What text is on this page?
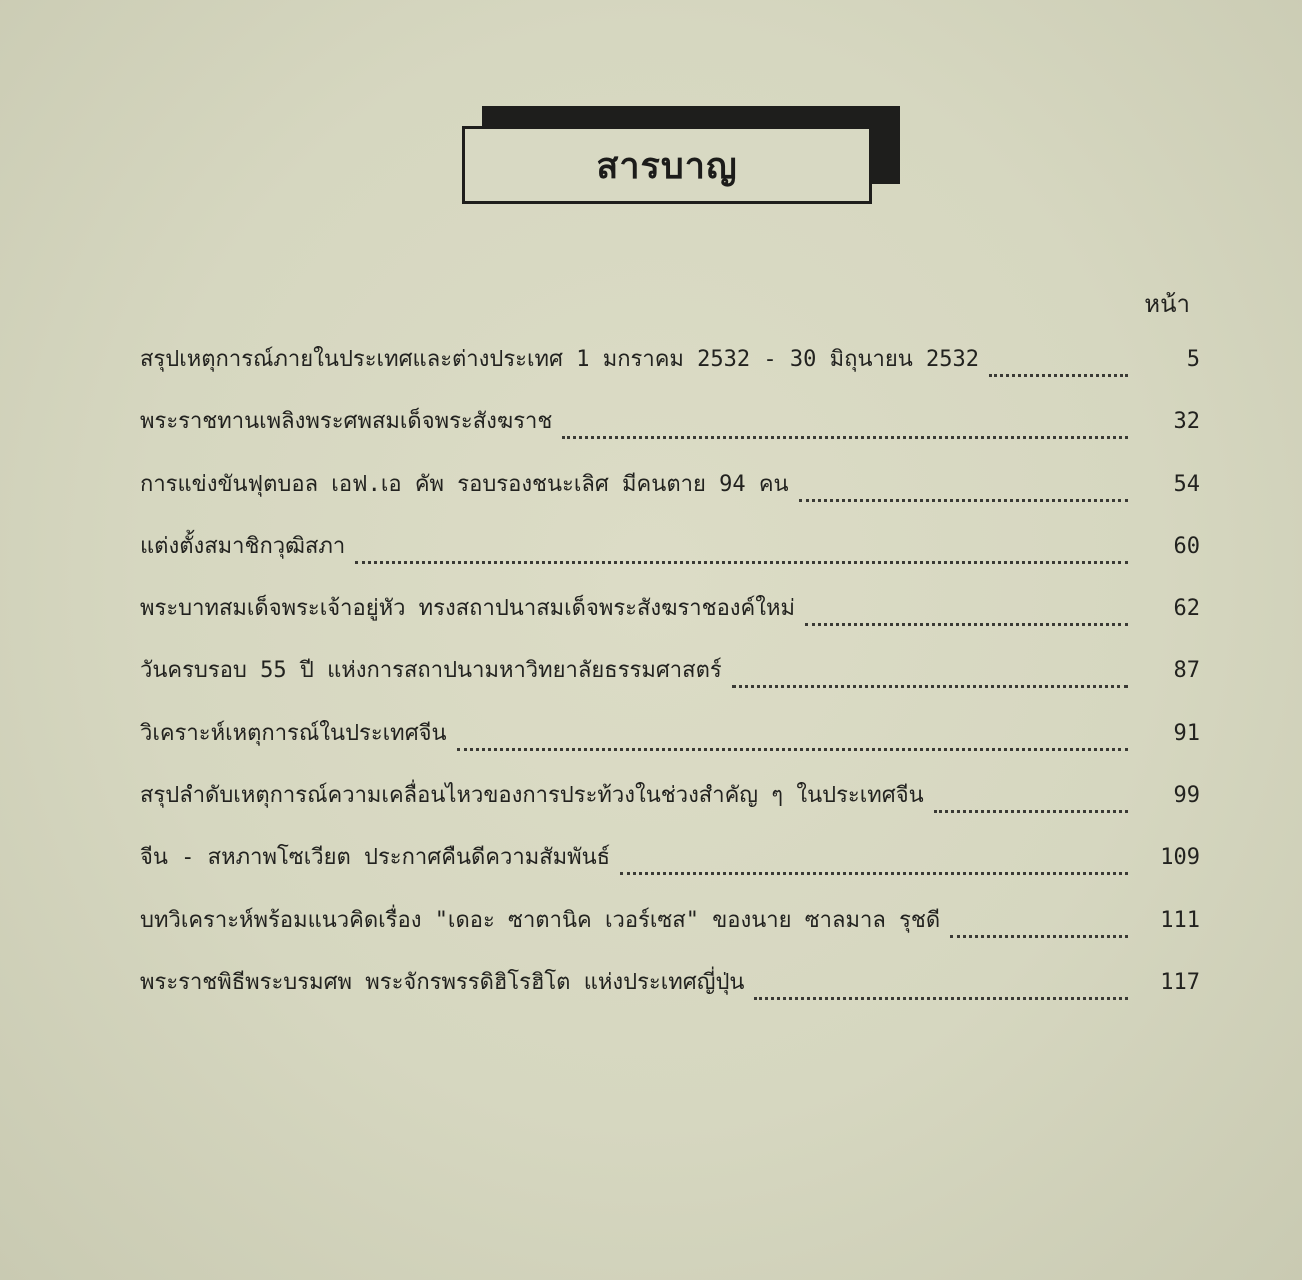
สารบาญ
หน้า
สรุปเหตุการณ์ภายในประเทศและต่างประเทศ 1 มกราคม 2532 - 30 มิถุนายน 2532	5
พระราชทานเพลิงพระศพสมเด็จพระสังฆราช	32
การแข่งขันฟุตบอล เอฟ.เอ คัพ รอบรองชนะเลิศ มีคนตาย 94 คน	54
แต่งตั้งสมาชิกวุฒิสภา	60
พระบาทสมเด็จพระเจ้าอยู่หัว ทรงสถาปนาสมเด็จพระสังฆราชองค์ใหม่	62
วันครบรอบ 55 ปี แห่งการสถาปนามหาวิทยาลัยธรรมศาสตร์	87
วิเคราะห์เหตุการณ์ในประเทศจีน	91
สรุปลำดับเหตุการณ์ความเคลื่อนไหวของการประท้วงในช่วงสำคัญ ๆ ในประเทศจีน	99
จีน - สหภาพโซเวียต ประกาศคืนดีความสัมพันธ์	109
บทวิเคราะห์พร้อมแนวคิดเรื่อง "เดอะ ซาตานิค เวอร์เซส" ของนาย ซาลมาล รุชดี	111
พระราชพิธีพระบรมศพ พระจักรพรรดิฮิโรฮิโต แห่งประเทศญี่ปุ่น	117
